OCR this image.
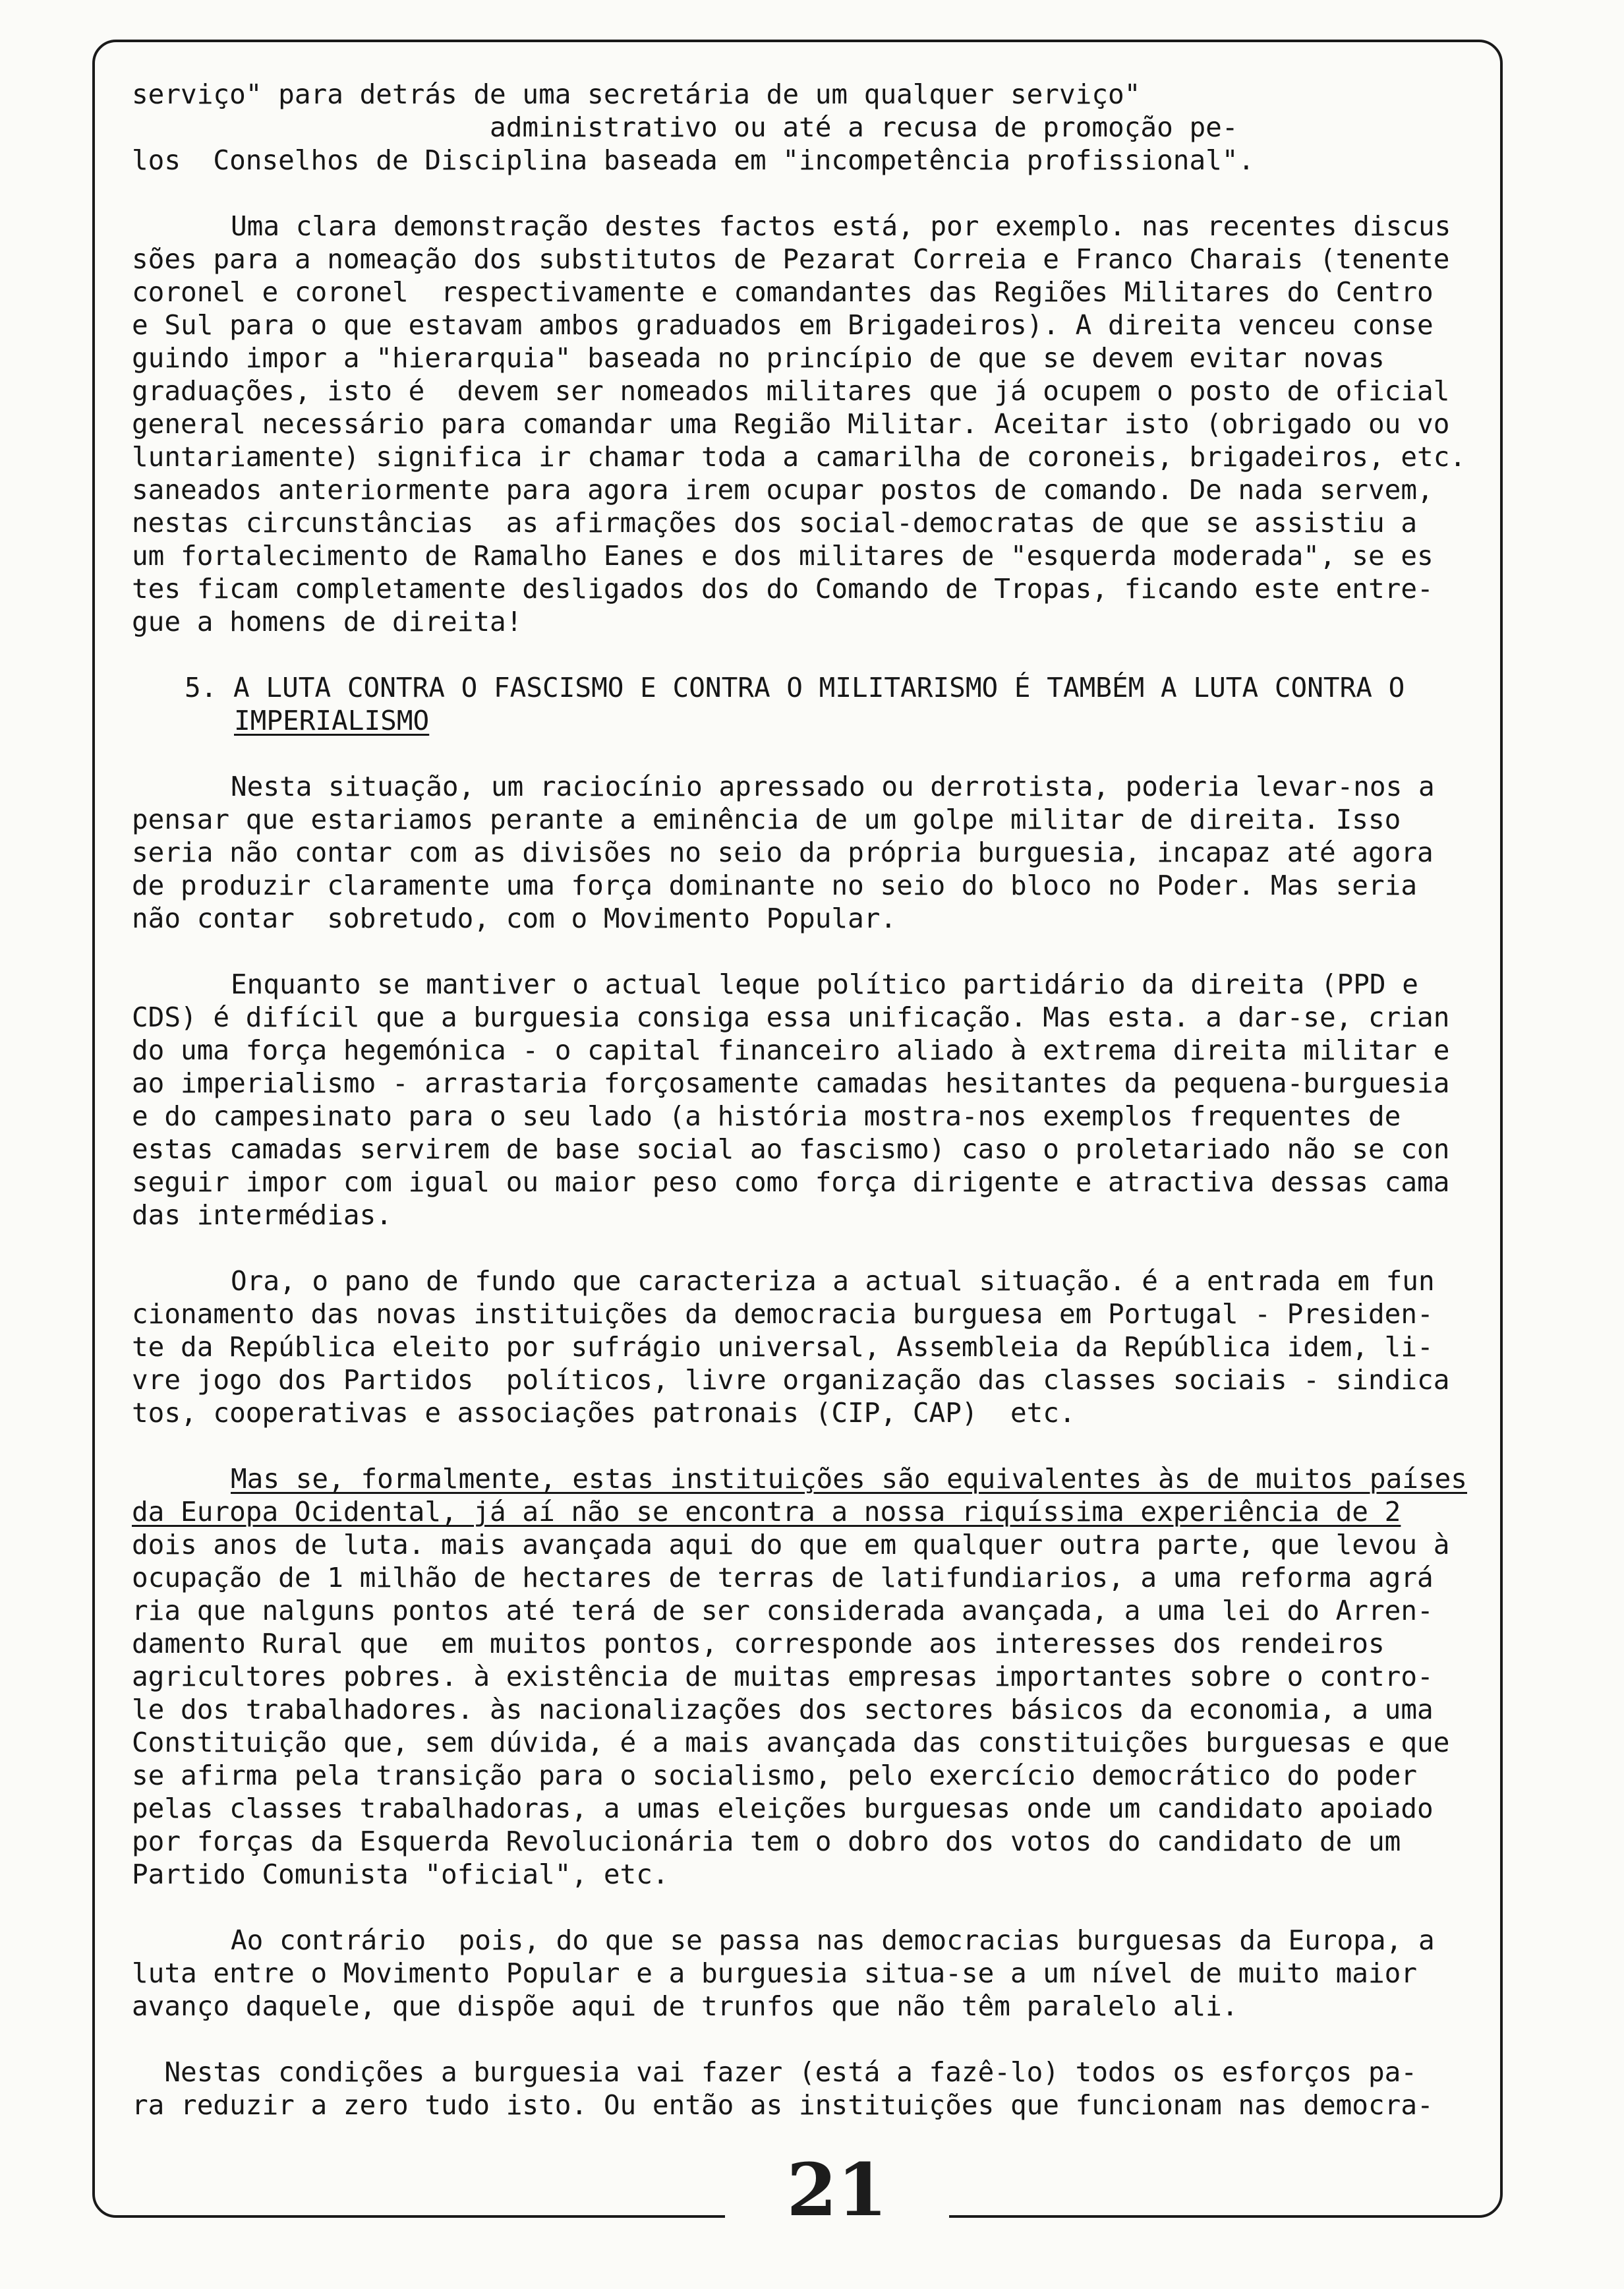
serviço" para detrás de uma secretária de um qualquer serviço"
administrativo ou até a recusa de promoção pe-
los  Conselhos de Disciplina baseada em "incompetência profissional".
Uma clara demonstração destes factos está, por exemplo. nas recentes discus
sões para a nomeação dos substitutos de Pezarat Correia e Franco Charais (tenente
coronel e coronel  respectivamente e comandantes das Regiões Militares do Centro
e Sul para o que estavam ambos graduados em Brigadeiros). A direita venceu conse
guindo impor a "hierarquia" baseada no princípio de que se devem evitar novas
graduações, isto é  devem ser nomeados militares que já ocupem o posto de oficial
general necessário para comandar uma Região Militar. Aceitar isto (obrigado ou vo
luntariamente) significa ir chamar toda a camarilha de coroneis, brigadeiros, etc.
saneados anteriormente para agora irem ocupar postos de comando. De nada servem,
nestas circunstâncias  as afirmações dos social-democratas de que se assistiu a
um fortalecimento de Ramalho Eanes e dos militares de "esquerda moderada", se es
tes ficam completamente desligados dos do Comando de Tropas, ficando este entre-
gue a homens de direita!
5. A LUTA CONTRA O FASCISMO E CONTRA O MILITARISMO É TAMBÉM A LUTA CONTRA O
IMPERIALISMO
Nesta situação, um raciocínio apressado ou derrotista, poderia levar-nos a
pensar que estariamos perante a eminência de um golpe militar de direita. Isso
seria não contar com as divisões no seio da própria burguesia, incapaz até agora
de produzir claramente uma força dominante no seio do bloco no Poder. Mas seria
não contar  sobretudo, com o Movimento Popular.
Enquanto se mantiver o actual leque político partidário da direita (PPD e
CDS) é difícil que a burguesia consiga essa unificação. Mas esta. a dar-se, crian
do uma força hegemónica - o capital financeiro aliado à extrema direita militar e
ao imperialismo - arrastaria forçosamente camadas hesitantes da pequena-burguesia
e do campesinato para o seu lado (a história mostra-nos exemplos frequentes de
estas camadas servirem de base social ao fascismo) caso o proletariado não se con
seguir impor com igual ou maior peso como força dirigente e atractiva dessas cama
das intermédias.
Ora, o pano de fundo que caracteriza a actual situação. é a entrada em fun
cionamento das novas instituições da democracia burguesa em Portugal - Presiden-
te da República eleito por sufrágio universal, Assembleia da República idem, li-
vre jogo dos Partidos  políticos, livre organização das classes sociais - sindica
tos, cooperativas e associações patronais (CIP, CAP)  etc.
Mas se, formalmente, estas instituições são equivalentes às de muitos países
da Europa Ocidental, já aí não se encontra a nossa riquíssima experiência de 2
dois anos de luta. mais avançada aqui do que em qualquer outra parte, que levou à
ocupação de 1 milhão de hectares de terras de latifundiarios, a uma reforma agrá
ria que nalguns pontos até terá de ser considerada avançada, a uma lei do Arren-
damento Rural que  em muitos pontos, corresponde aos interesses dos rendeiros
agricultores pobres. à existência de muitas empresas importantes sobre o contro-
le dos trabalhadores. às nacionalizações dos sectores básicos da economia, a uma
Constituição que, sem dúvida, é a mais avançada das constituições burguesas e que
se afirma pela transição para o socialismo, pelo exercício democrático do poder
pelas classes trabalhadoras, a umas eleições burguesas onde um candidato apoiado
por forças da Esquerda Revolucionária tem o dobro dos votos do candidato de um
Partido Comunista "oficial", etc.
Ao contrário  pois, do que se passa nas democracias burguesas da Europa, a
luta entre o Movimento Popular e a burguesia situa-se a um nível de muito maior
avanço daquele, que dispõe aqui de trunfos que não têm paralelo ali.
Nestas condições a burguesia vai fazer (está a fazê-lo) todos os esforços pa-
ra reduzir a zero tudo isto. Ou então as instituições que funcionam nas democra-
21
